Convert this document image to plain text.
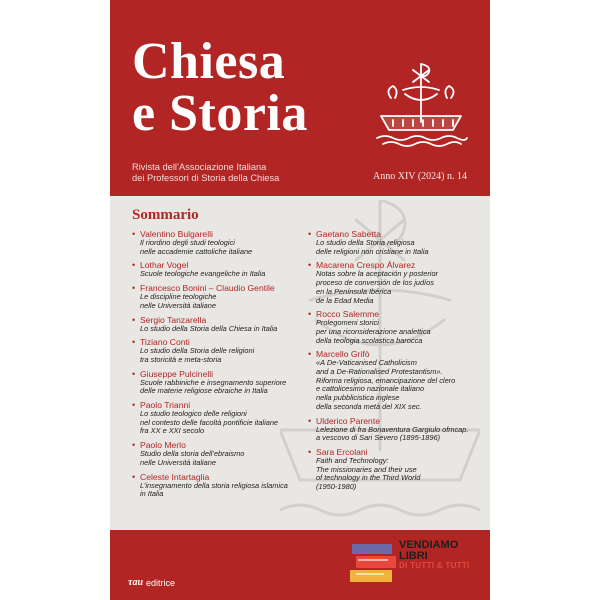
Chiesa
e Storia
Rivista dell’Associazione Italiana
dei Professori di Storia della Chiesa	Anno XIV (2024) n. 14
Sommario
• Valentino Bulgarelli
Il riordino degli studi teologici
nelle accademie cattoliche italiane
• Lothar Vogel
Scuole teologiche evangeliche in Italia
• Francesco Bonini – Claudio Gentile
Le discipline teologiche
nelle Università italiane
• Sergio Tanzarella
Lo studio della Storia della Chiesa in Italia
• Tiziano Conti
Lo studio della Storia delle religioni
tra storicità e meta-storia
• Giuseppe Pulcinelli
Scuole rabbiniche e insegnamento superiore
delle materie religiose ebraiche in Italia
• Paolo Trianni
Lo studio teologico delle religioni
nel contesto delle facoltà pontificie italiane
fra XX e XXI secolo
• Paolo Merlo
Studio della storia dell’ebraismo
nelle Università italiane
• Celeste Intartaglia
L’insegnamento della storia religiosa islamica
in Italia
• Gaetano Sabetta
Lo studio della Storia religiosa
delle religioni non cristiane in Italia
• Macarena Crespo Álvarez
Notas sobre la aceptación y posterior
proceso de conversión de los judíos
en la Península Ibérica
de la Edad Media
• Rocco Salemme
Prolegomeni storici
per una riconsiderazione analettica
della teologia scolastica barocca
• Marcello Grifò
«A De-Vaticanised Catholicism
and a De-Rationalised Protestantism».
Riforma religiosa, emancipazione del clero
e cattolicesimo nazionale italiano
nella pubblicistica inglese
della seconda metà del XIX sec.
• Ulderico Parente
Lelezione di fra Bonaventura Gargiulo ofmcap.
a vescovo di Sari Severo (1895-1896)
• Sara Ercolani
Faith and Technology:
The missionaries and their use
of technology in the Third World
(1950-1980)
τau editrice
VENDIAMO
LIBRI
DI TUTTI & TUTTI
